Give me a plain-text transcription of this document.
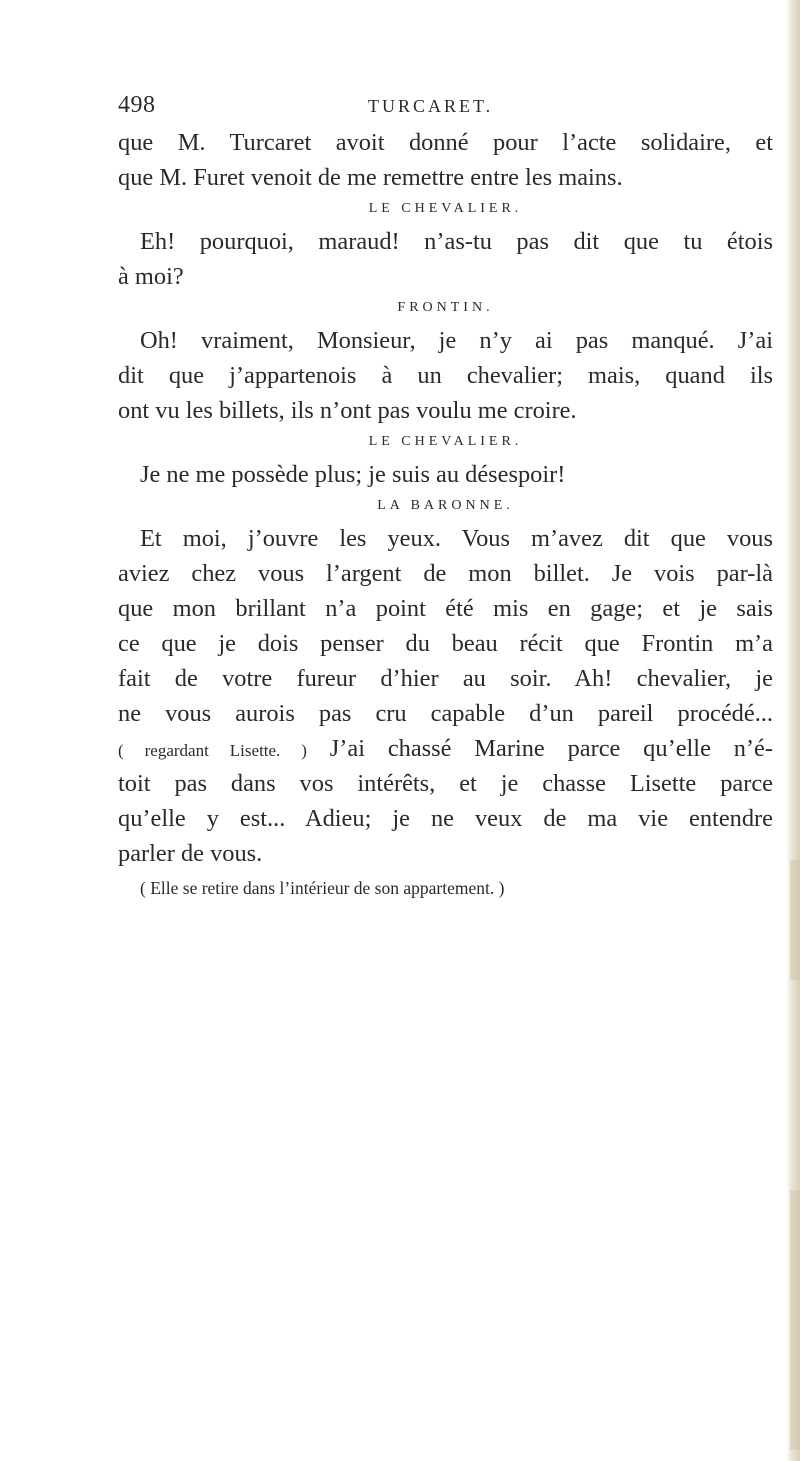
498	TURCARET.
que M. Turcaret avoit donné pour l’acte solidaire, et
que M. Furet venoit de me remettre entre les mains.
LE CHEVALIER.
Eh! pourquoi, maraud! n’as-tu pas dit que tu étois
à moi?
FRONTIN.
Oh! vraiment, Monsieur, je n’y ai pas manqué. J’ai
dit que j’appartenois à un chevalier; mais, quand ils
ont vu les billets, ils n’ont pas voulu me croire.
LE CHEVALIER.
Je ne me possède plus; je suis au désespoir!
LA BARONNE.
Et moi, j’ouvre les yeux. Vous m’avez dit que vous
aviez chez vous l’argent de mon billet. Je vois par-là
que mon brillant n’a point été mis en gage; et je sais
ce que je dois penser du beau récit que Frontin m’a
fait de votre fureur d’hier au soir. Ah! chevalier, je
ne vous aurois pas cru capable d’un pareil procédé...
( regardant Lisette. ) J’ai chassé Marine parce qu’elle n’é-
toit pas dans vos intérêts, et je chasse Lisette parce
qu’elle y est... Adieu; je ne veux de ma vie entendre
parler de vous.
( Elle se retire dans l’intérieur de son appartement. )
